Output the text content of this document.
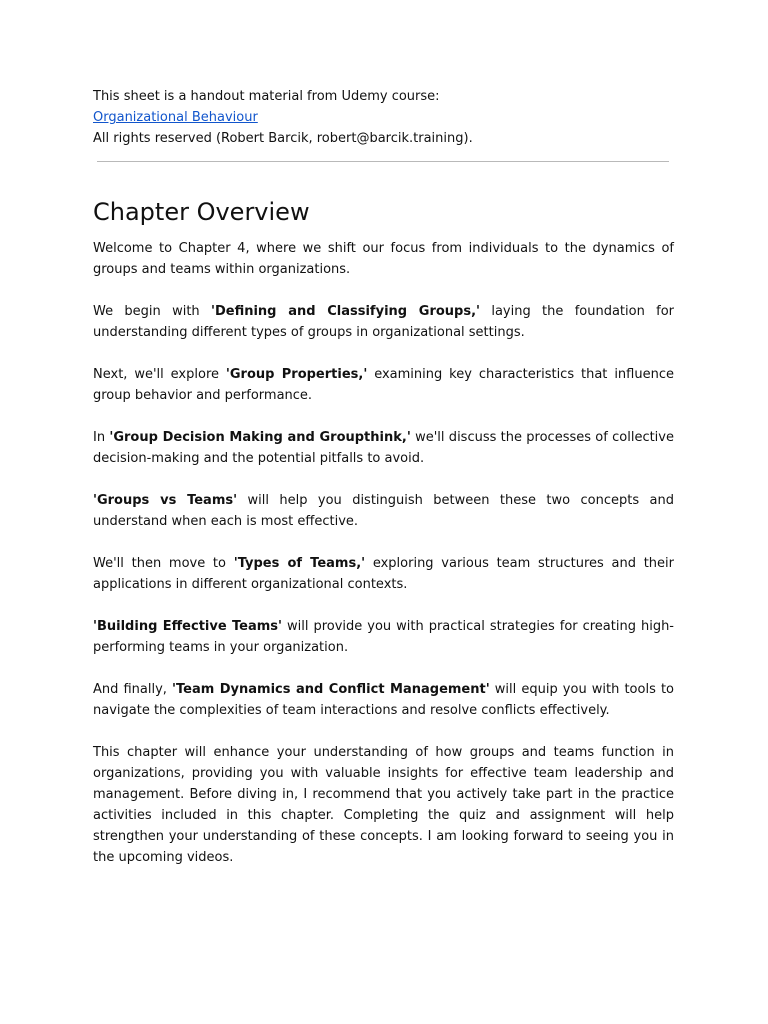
This sheet is a handout material from Udemy course:

Organizational Behaviour

All rights reserved (Robert Barcik, robert@barcik.training).

Chapter Overview

Welcome to Chapter 4, where we shift our focus from individuals to the dynamics of groups and teams within organizations.

We begin with 'Defining and Classifying Groups,' laying the foundation for understanding different types of groups in organizational settings.

Next, we'll explore 'Group Properties,' examining key characteristics that influence group behavior and performance.

In 'Group Decision Making and Groupthink,' we'll discuss the processes of collective decision-making and the potential pitfalls to avoid.

'Groups vs Teams' will help you distinguish between these two concepts and understand when each is most effective.

We'll then move to 'Types of Teams,' exploring various team structures and their applications in different organizational contexts.

'Building Effective Teams' will provide you with practical strategies for creating high-performing teams in your organization.

And finally, 'Team Dynamics and Conflict Management' will equip you with tools to navigate the complexities of team interactions and resolve conflicts effectively.

This chapter will enhance your understanding of how groups and teams function in organizations, providing you with valuable insights for effective team leadership and management. Before diving in, I recommend that you actively take part in the practice activities included in this chapter. Completing the quiz and assignment will help strengthen your understanding of these concepts. I am looking forward to seeing you in the upcoming videos.
